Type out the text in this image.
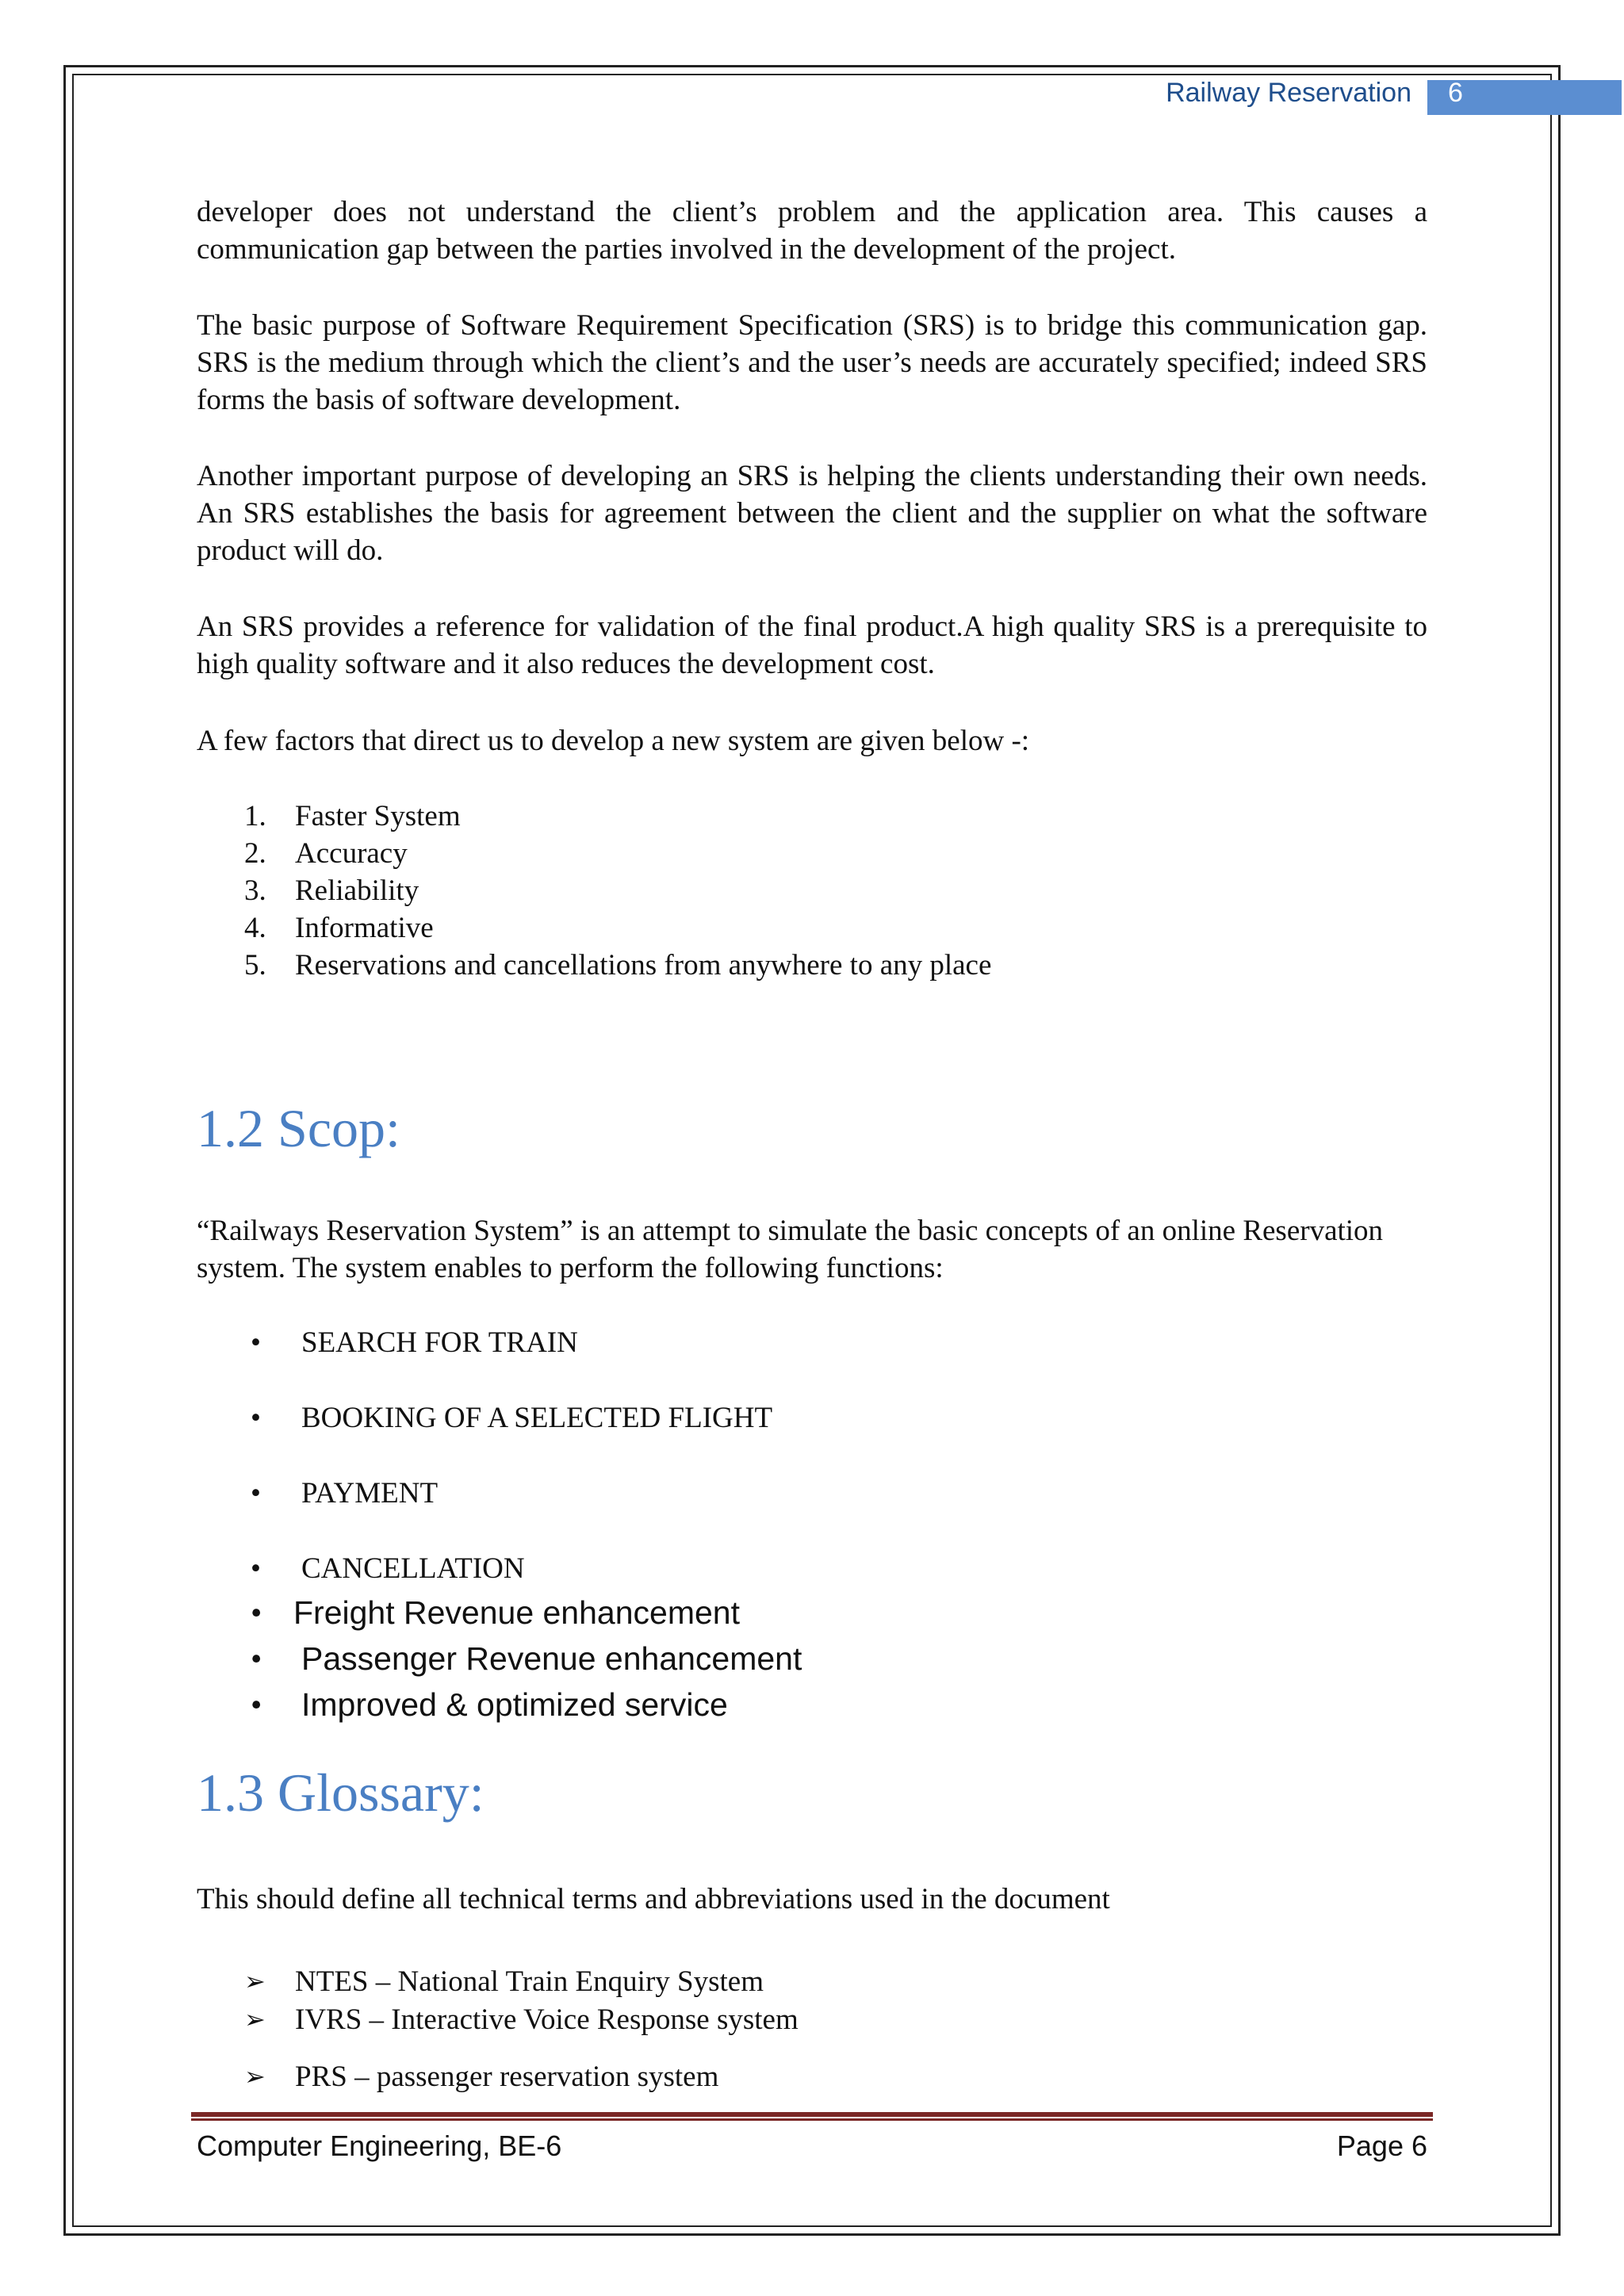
Railway Reservation 6

developer does not understand the client’s problem and the application area. This causes a communication gap between the parties involved in the development of the project.

The basic purpose of Software Requirement Specification (SRS) is to bridge this communication gap. SRS is the medium through which the client’s and the user’s needs are accurately specified; indeed SRS forms the basis of software development.

Another important purpose of developing an SRS is helping the clients understanding their own needs. An SRS establishes the basis for agreement between the client and the supplier on what the software product will do.

An SRS provides a reference for validation of the final product.A high quality SRS is a prerequisite to high quality software and it also reduces the development cost.

A few factors that direct us to develop a new system are given below -:

1. Faster System
2. Accuracy
3. Reliability
4. Informative
5. Reservations and cancellations from anywhere to any place
1.2 Scop:

“Railways Reservation System” is an attempt to simulate the basic concepts of an online Reservation system. The system enables to perform the following functions:

• SEARCH FOR TRAIN
• BOOKING OF A SELECTED FLIGHT
• PAYMENT
• CANCELLATION
• Freight Revenue enhancement
• Passenger Revenue enhancement
• Improved & optimized service
1.3 Glossary:

This should define all technical terms and abbreviations used in the document

➢ NTES – National Train Enquiry System
➢ IVRS – Interactive Voice Response system
➢ PRS – passenger reservation system
Computer Engineering, BE-6	Page 6
